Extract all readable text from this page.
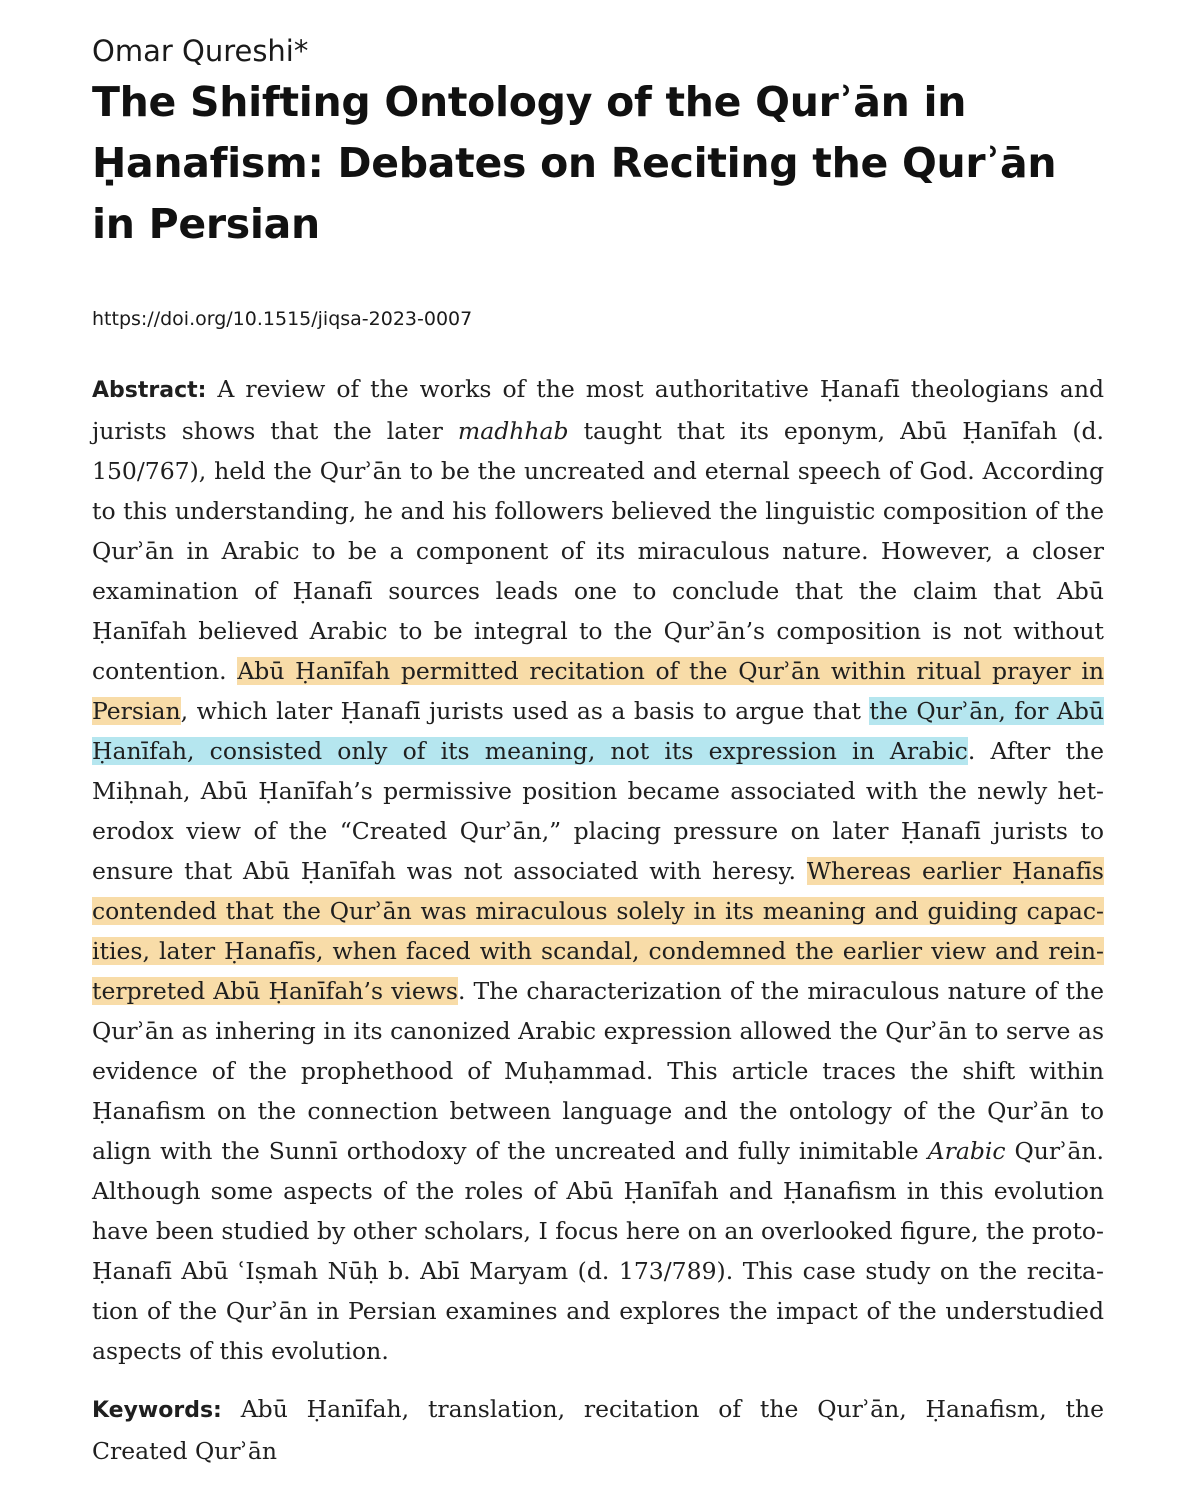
Omar Qureshi*

The Shifting Ontology of the Qurʾān in
Ḥanafism: Debates on Reciting the Qurʾān
in Persian
https://doi.org/10.1515/jiqsa-2023-0007
Abstract: A review of the works of the most authoritative Ḥanafī theologians and jurists shows that the later madhhab taught that its eponym, Abū Ḥanīfah (d. 150/767), held the Qurʾān to be the uncreated and eternal speech of God. According to this understanding, he and his followers believed the linguistic composition of the Qurʾān in Arabic to be a component of its miraculous nature. However, a closer examination of Ḥanafī sources leads one to conclude that the claim that Abū Ḥanīfah believed Arabic to be integral to the Qurʾān’s composition is not without contention. Abū Ḥanīfah permitted recitation of the Qurʾān within ritual prayer in Persian, which later Ḥanafī jurists used as a basis to argue that the Qurʾān, for Abū Ḥanīfah, consisted only of its meaning, not its expression in Arabic. After the Miḥnah, Abū Ḥanīfah’s permissive position became associated with the newly heterodox view of the “Created Qurʾān,” placing pressure on later Ḥanafī jurists to ensure that Abū Ḥanīfah was not associated with heresy. Whereas earlier Ḥanafīs contended that the Qurʾān was miraculous solely in its meaning and guiding capacities, later Ḥanafīs, when faced with scandal, condemned the earlier view and reinterpreted Abū Ḥanīfah’s views. The characterization of the miraculous nature of the Qurʾān as inhering in its canonized Arabic expression allowed the Qurʾān to serve as evidence of the prophethood of Muḥammad. This article traces the shift within Ḥanafism on the connection between language and the ontology of the Qurʾān to align with the Sunnī orthodoxy of the uncreated and fully inimitable Arabic Qurʾān. Although some aspects of the roles of Abū Ḥanīfah and Ḥanafism in this evolution have been studied by other scholars, I focus here on an overlooked figure, the proto-Ḥanafī Abū ʿIṣmah Nūḥ b. Abī Maryam (d. 173/789). This case study on the recitation of the Qurʾān in Persian examines and explores the impact of the understudied aspects of this evolution.
Keywords: Abū Ḥanīfah, translation, recitation of the Qurʾān, Ḥanafism, the Created Qurʾān
